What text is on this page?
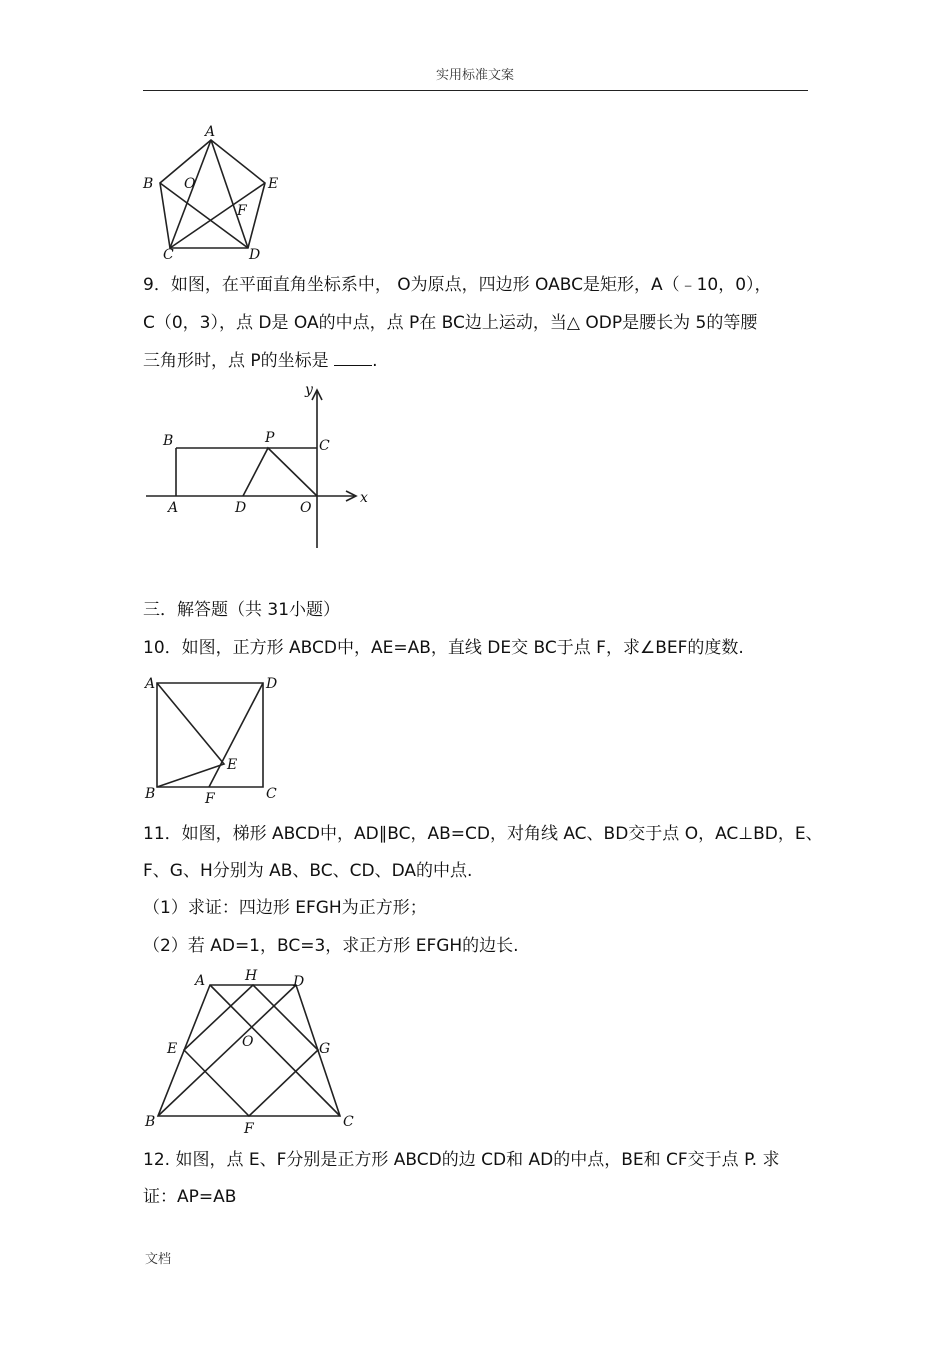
实用标准文案
A
B
C	D
E
F
O
9．如图，在平面直角坐标系中， O为原点，四边形 OABC是矩形，A（﹣10，0），
C（0，3），点 D是 OA的中点，点 P在 BC边上运动，当△ ODP是腰长为 5的等腰
三角形时，点 P的坐标是	.
y
x
B	P	C
A	D	O
三．解答题（共 31小题）
10．如图，正方形 ABCD中，AE=AB，直线 DE交 BC于点 F，求∠BEF的度数.
A	D
E
B	F	C
11．如图，梯形 ABCD中，AD∥BC，AB=CD，对角线 AC、BD交于点 O，AC⊥BD，E、
F、G、H分别为 AB、BC、CD、DA的中点.
（1）求证：四边形 EFGH为正方形；
（2）若 AD=1，BC=3，求正方形 EFGH的边长.
A	H	D
E	O	G
B	F	C
12. 如图，点 E、F分别是正方形 ABCD的边 CD和 AD的中点，BE和 CF交于点 P. 求
证：AP=AB
文档
